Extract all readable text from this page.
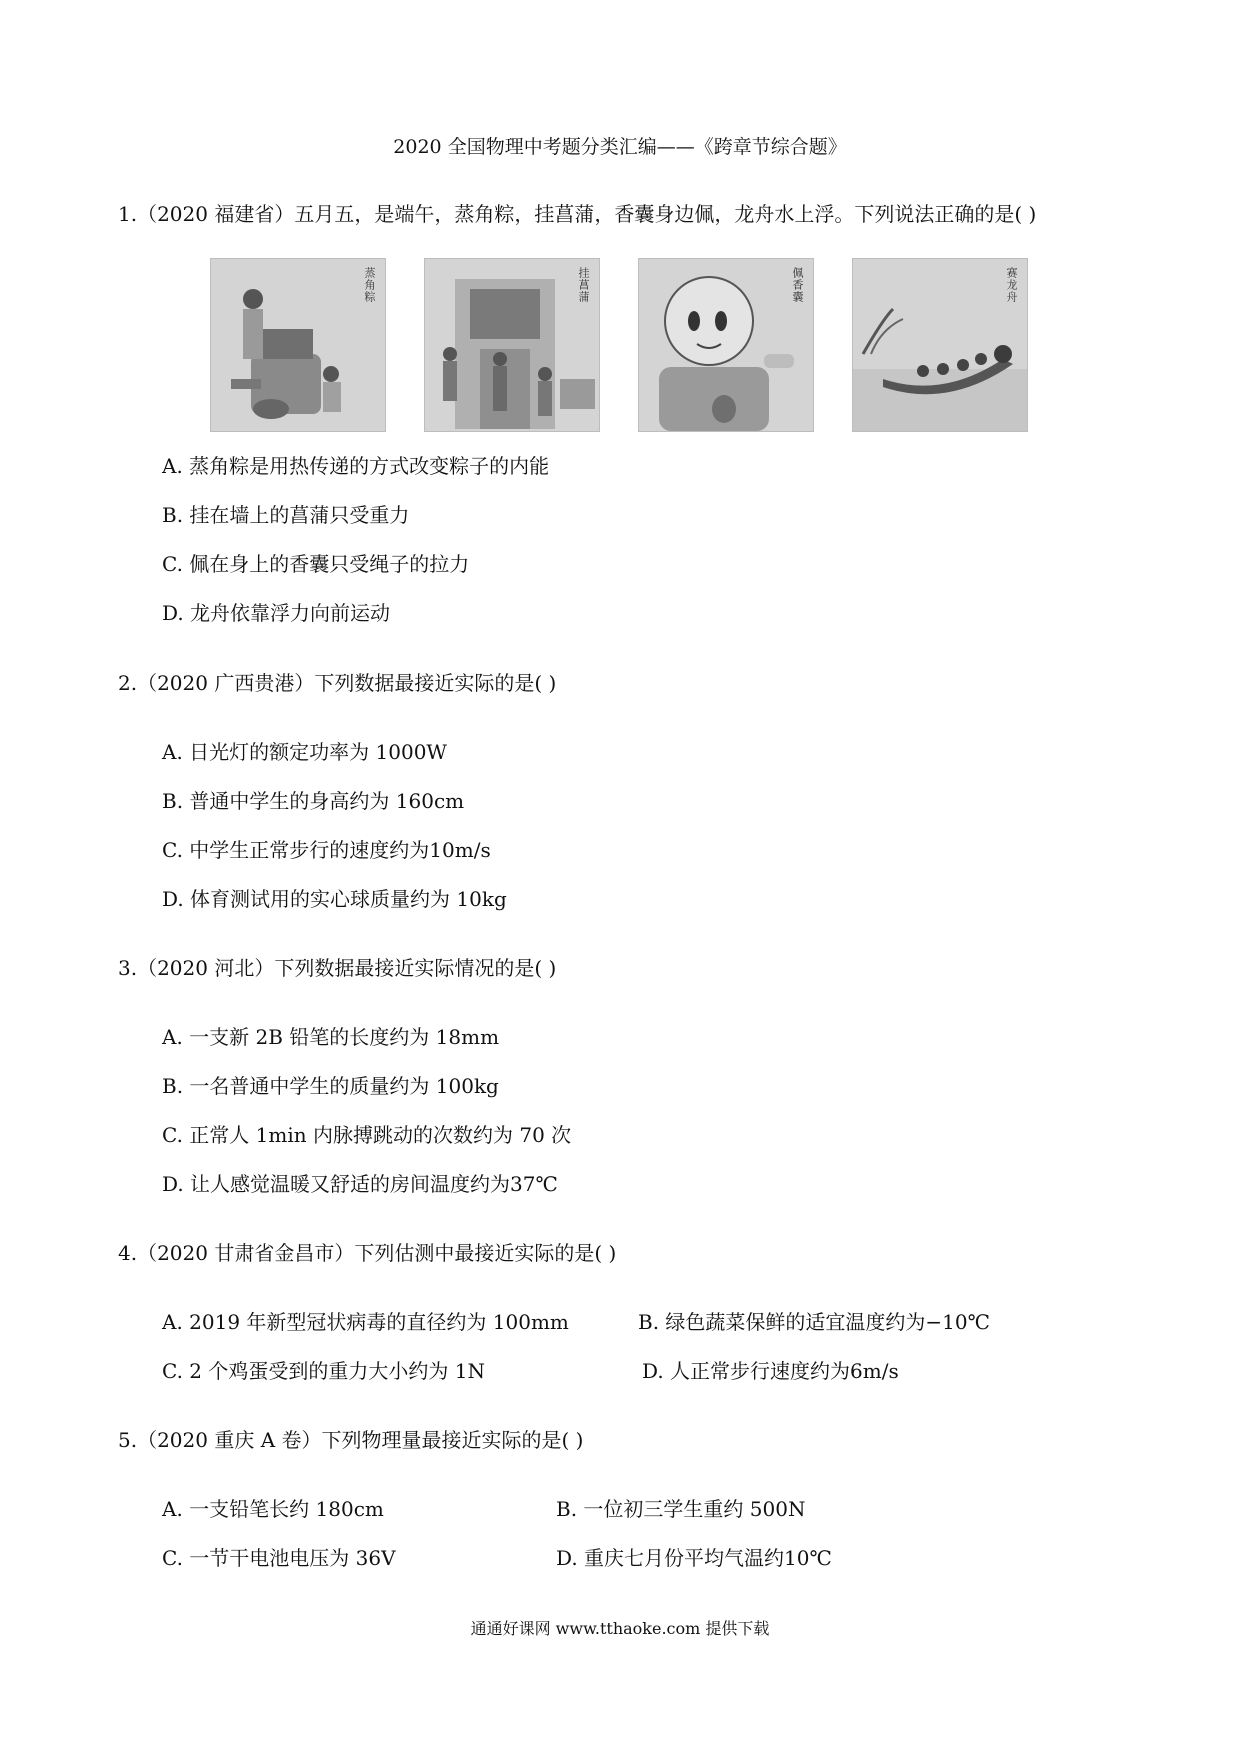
2020 全国物理中考题分类汇编——《跨章节综合题》
1.（2020 福建省）五月五，是端午，蒸角粽，挂菖蒲，香囊身边佩，龙舟水上浮。下列说法正确的是( )
蒸角粽	挂菖蒲	佩香囊	赛龙舟
A. 蒸角粽是用热传递的方式改变粽子的内能
B. 挂在墙上的菖蒲只受重力
C. 佩在身上的香囊只受绳子的拉力
D. 龙舟依靠浮力向前运动
2.（2020 广西贵港）下列数据最接近实际的是( )
A. 日光灯的额定功率为 1000W
B. 普通中学生的身高约为 160cm
C. 中学生正常步行的速度约为10m/s
D. 体育测试用的实心球质量约为 10kg
3.（2020 河北）下列数据最接近实际情况的是( )
A. 一支新 2B 铅笔的长度约为 18mm
B. 一名普通中学生的质量约为 100kg
C. 正常人 1min 内脉搏跳动的次数约为 70 次
D. 让人感觉温暖又舒适的房间温度约为37℃
4.（2020 甘肃省金昌市）下列估测中最接近实际的是( )
A. 2019 年新型冠状病毒的直径约为 100mm	B. 绿色蔬菜保鲜的适宜温度约为−10℃
C. 2 个鸡蛋受到的重力大小约为 1N	D. 人正常步行速度约为6m/s
5.（2020 重庆 A 卷）下列物理量最接近实际的是( )
A. 一支铅笔长约 180cm	B. 一位初三学生重约 500N
C. 一节干电池电压为 36V	D. 重庆七月份平均气温约10℃
通通好课网 www.tthaoke.com 提供下载
